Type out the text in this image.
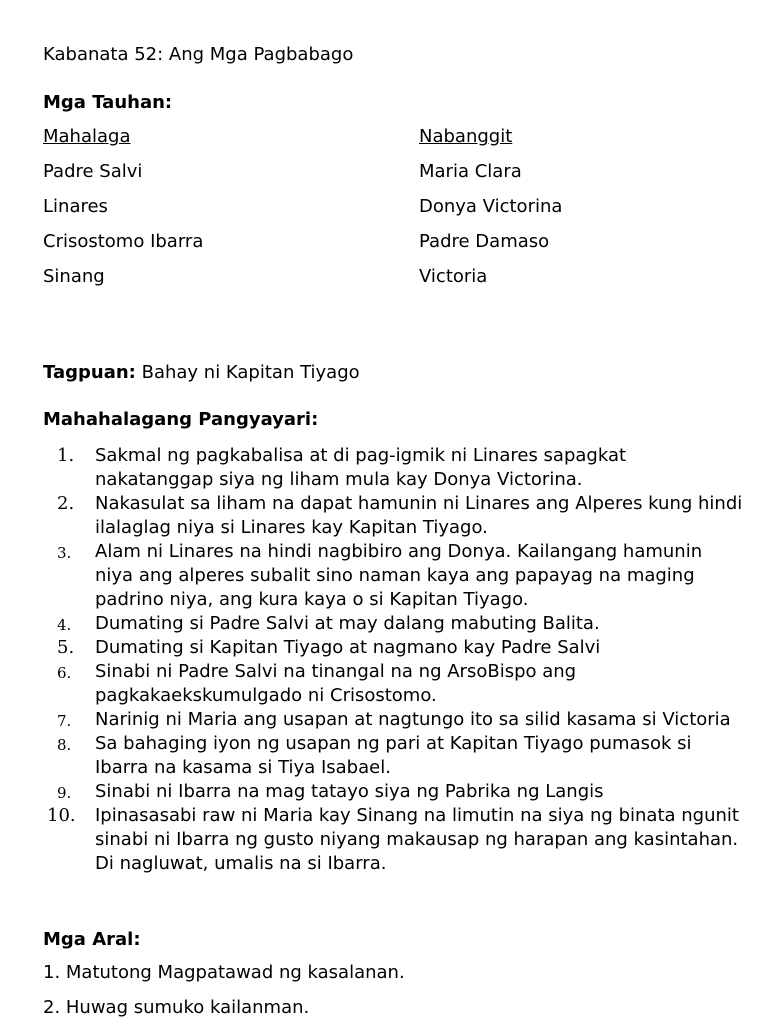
Kabanata 52: Ang Mga Pagbabago
Mga Tauhan:
Mahalaga
Padre Salvi
Linares
Crisostomo Ibarra
Sinang
Nabanggit
Maria Clara
Donya Victorina
Padre Damaso
Victoria
Tagpuan: Bahay ni Kapitan Tiyago
Mahahalagang Pangyayari:
1. Sakmal ng pagkabalisa at di pag-igmik ni Linares sapagkat nakatanggap siya ng liham mula kay Donya Victorina.
2. Nakasulat sa liham na dapat hamunin ni Linares ang Alperes kung hindi ilalaglag niya si Linares kay Kapitan Tiyago.
3. Alam ni Linares na hindi nagbibiro ang Donya. Kailangang hamunin niya ang alperes subalit sino naman kaya ang papayag na maging padrino niya, ang kura kaya o si Kapitan Tiyago.
4. Dumating si Padre Salvi at may dalang mabuting Balita.
5. Dumating si Kapitan Tiyago at nagmano kay Padre Salvi
6. Sinabi ni Padre Salvi na tinangal na ng ArsoBispo ang pagkakaekskumulgado ni Crisostomo.
7. Narinig ni Maria ang usapan at nagtungo ito sa silid kasama si Victoria
8. Sa bahaging iyon ng usapan ng pari at Kapitan Tiyago pumasok si Ibarra na kasama si Tiya Isabael.
9. Sinabi ni Ibarra na mag tatayo siya ng Pabrika ng Langis
10. Ipinasasabi raw ni Maria kay Sinang na limutin na siya ng binata ngunit sinabi ni Ibarra ng gusto niyang makausap ng harapan ang kasintahan. Di nagluwat, umalis na si Ibarra.
Mga Aral:
1. Matutong Magpatawad ng kasalanan.
2. Huwag sumuko kailanman.
